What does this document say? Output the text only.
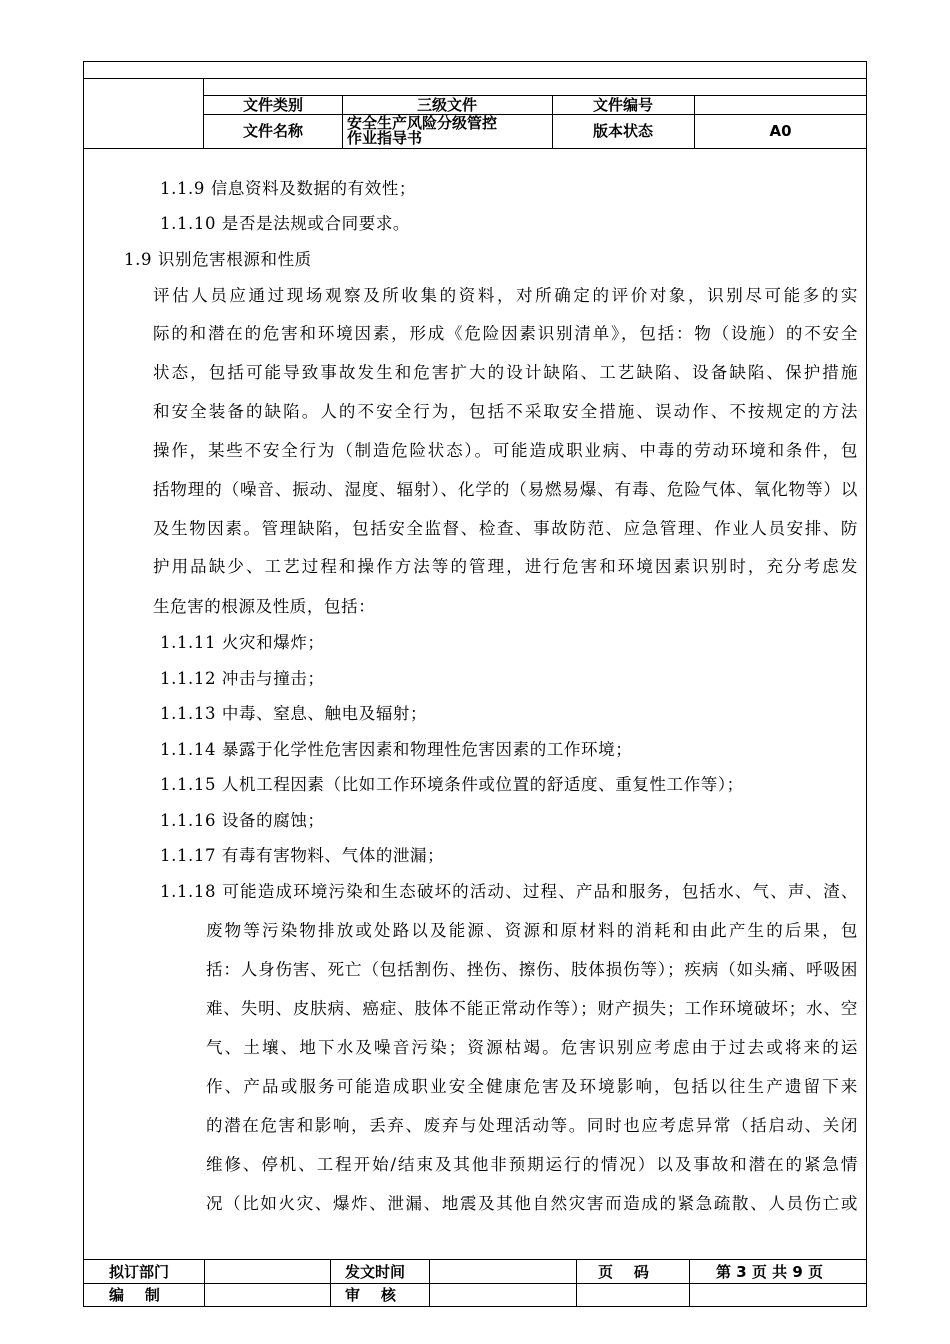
文件类别	三级文件	文件编号
文件名称	安全生产风险分级管控作业指导书	版本状态	A0
1.1.9 信息资料及数据的有效性；
1.1.10 是否是法规或合同要求。
1.9 识别危害根源和性质
评估人员应通过现场观察及所收集的资料，对所确定的评价对象，识别尽可能多的实
际的和潜在的危害和环境因素，形成《危险因素识别清单》，包括：物（设施）的不安全
状态，包括可能导致事故发生和危害扩大的设计缺陷、工艺缺陷、设备缺陷、保护措施
和安全装备的缺陷。人的不安全行为，包括不采取安全措施、误动作、不按规定的方法
操作，某些不安全行为（制造危险状态）。可能造成职业病、中毒的劳动环境和条件，包
括物理的（噪音、振动、湿度、辐射）、化学的（易燃易爆、有毒、危险气体、氧化物等）以
及生物因素。管理缺陷，包括安全监督、检查、事故防范、应急管理、作业人员安排、防
护用品缺少、工艺过程和操作方法等的管理，进行危害和环境因素识别时，充分考虑发
生危害的根源及性质，包括：
1.1.11 火灾和爆炸；
1.1.12 冲击与撞击；
1.1.13 中毒、窒息、触电及辐射；
1.1.14 暴露于化学性危害因素和物理性危害因素的工作环境；
1.1.15 人机工程因素（比如工作环境条件或位置的舒适度、重复性工作等）；
1.1.16 设备的腐蚀；
1.1.17 有毒有害物料、气体的泄漏；
1.1.18 可能造成环境污染和生态破坏的活动、过程、产品和服务，包括水、气、声、渣、
废物等污染物排放或处路以及能源、资源和原材料的消耗和由此产生的后果，包
括：人身伤害、死亡（包括割伤、挫伤、擦伤、肢体损伤等）；疾病（如头痛、呼吸困
难、失明、皮肤病、癌症、肢体不能正常动作等）；财产损失；工作环境破坏；水、空
气、土壤、地下水及噪音污染；资源枯竭。危害识别应考虑由于过去或将来的运
作、产品或服务可能造成职业安全健康危害及环境影响，包括以往生产遗留下来
的潜在危害和影响，丢弃、废弃与处理活动等。同时也应考虑异常（括启动、关闭
维修、停机、工程开始/结束及其他非预期运行的情况）以及事故和潜在的紧急情
况（比如火灾、爆炸、泄漏、地震及其他自然灾害而造成的紧急疏散、人员伤亡或
拟订部门	发文时间	页    码	第 3 页 共 9 页
编    制	审    核
